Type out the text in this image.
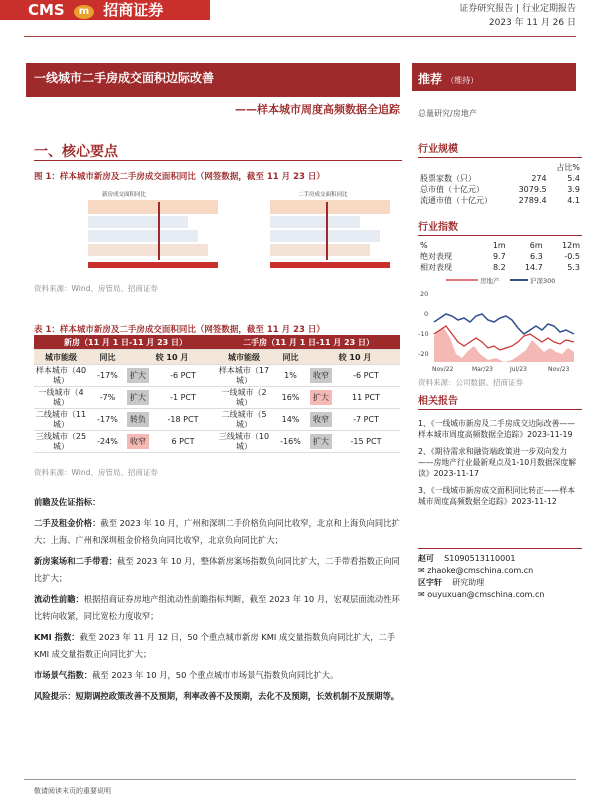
CMS m 招商证券	证券研究报告 | 行业定期报告
2023 年 11 月 26 日
一线城市二手房成交面积边际改善
——样本城市周度高频数据全追踪
推荐 （维持）
总量研究/房地产
行业规模
		占比%
股票家数（只）	274	5.4
总市值（十亿元）	3079.5	3.9
流通市值（十亿元）	2789.4	4.1
行业指数
%	1m	6m	12m
绝对表现	9.7	6.3	-0.5
相对表现	8.2	14.7	5.3
房地产	沪深300
20
0
-10
-20
Nov/22	Mar/23	Jul/23	Nov/23
资料来源：公司数据、招商证券
相关报告
1、《一线城市新房及二手房成交边际改善——样本城市周度高频数据全追踪》2023-11-19
2、《期待需求和融资端政策进一步双向发力——房地产行业最新观点及1-10月数据深度解读》2023-11-17
3、《一线城市新房成交面积同比转正——样本城市周度高频数据全追踪》2023-11-12
赵可 S1090513110001
✉ zhaoke@cmschina.com.cn
区宇轩 研究助理
✉ ouyuxuan@cmschina.com.cn
一、核心要点
图 1：样本城市新房及二手房成交面积同比（网签数据，截至 11 月 23 日）
新房成交面积同比	二手房成交面积同比
资料来源：Wind、房管局、招商证券
表 1：样本城市新房及二手房成交面积同比（网签数据，截至 11 月 23 日）
新房（11 月 1 日-11 月 23 日）			二手房（11 月 1 日-11 月 23 日）		
城市能级	同比	较 10 月	城市能级	同比	较 10 月
样本城市（40 城）	-17%	扩大 -6 PCT	样本城市（17 城）	1%	收窄 -6 PCT

一线城市（4 城）	-7%	扩大 -1 PCT	一线城市（2 城）	16%	扩大 11 PCT

二线城市（11 城）	-17%	转负 -18 PCT	二线城市（5 城）	14%	收窄 -7 PCT

三线城市（25 城）	-24%	收窄 6 PCT	三线城市（10 城）	-16%	扩大 -15 PCT
资料来源：Wind、房管局、招商证券
前瞻及佐证指标：
二手及租金价格：截至 2023 年 10 月，广州和深圳二手价格负向同比收窄，北京和上海负向同比扩大；上海、广州和深圳租金价格负向同比收窄，北京负向同比扩大；
新房案场和二手带看：截至 2023 年 10 月，整体新房案场指数负向同比扩大，二手带看指数正向同比扩大；
流动性前瞻：根据招商证券房地产组流动性前瞻指标判断，截至 2023 年 10 月，宏观层面流动性环比转向收紧，同比宽松力度收窄；
KMI 指数：截至 2023 年 11 月 12 日，50 个重点城市新房 KMI 成交量指数负向同比扩大，二手 KMI 成交量指数正向同比扩大；
市场景气指数：截至 2023 年 10 月，50 个重点城市市场景气指数负向同比扩大。
风险提示：短期调控政策改善不及预期，利率改善不及预期，去化不及预期，长效机制不及预期等。
敬请阅读末页的重要说明
